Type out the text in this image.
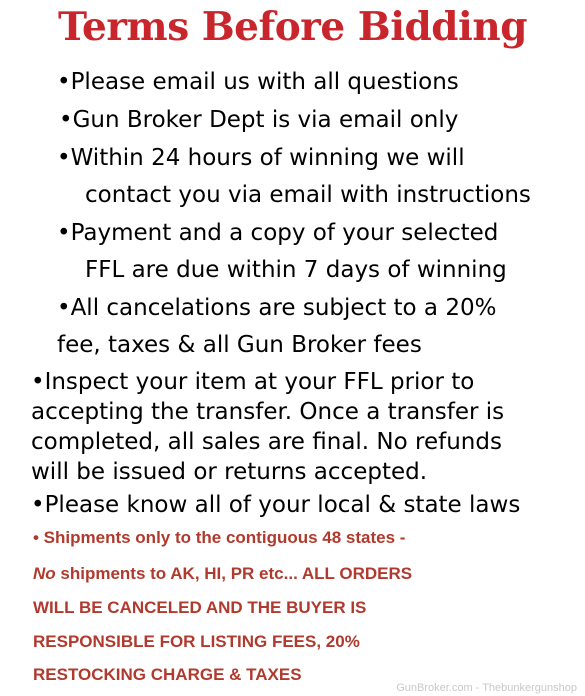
Terms Before Bidding
•Please email us with all questions
•Gun Broker Dept is via email only
•Within 24 hours of winning we will
contact you via email with instructions
•Payment and a copy of your selected
FFL are due within 7 days of winning
•All cancelations are subject to a 20%
fee, taxes & all Gun Broker fees
•Inspect your item at your FFL prior to
accepting the transfer. Once a transfer is
completed, all sales are final. No refunds
will be issued or returns accepted.
•Please know all of your local & state laws
• Shipments only to the contiguous 48 states -
No shipments to AK, HI, PR etc... ALL ORDERS
WILL BE CANCELED AND THE BUYER IS
RESPONSIBLE FOR LISTING FEES, 20%
RESTOCKING CHARGE & TAXES
GunBroker.com - Thebunkergunshop
